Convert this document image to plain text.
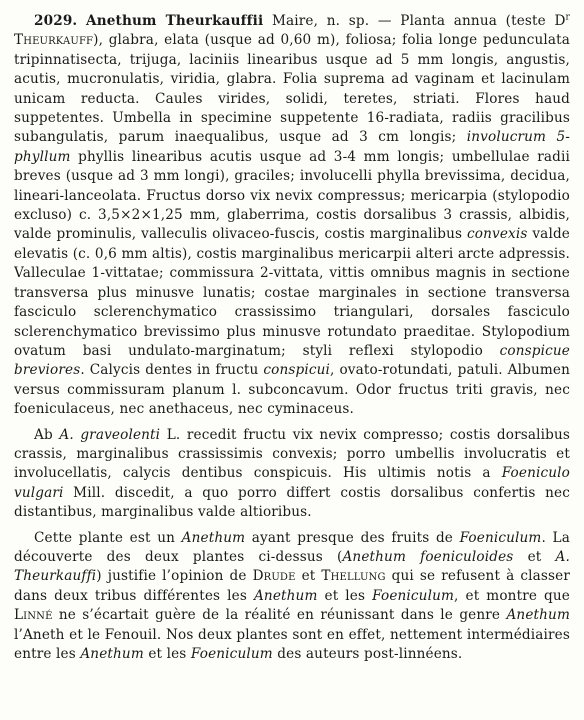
2029. Anethum Theurkauffii Maire, n. sp. — Planta annua (teste $D^r$ Theurkauff), glabra, elata (usque ad 0,60 m), foliosa; folia longe pedunculata tripinnatisecta, trijuga, laciniis linearibus usque ad 5 mm longis, angustis, acutis, mucronulatis, viridia, glabra. Folia suprema ad vaginam et lacinulam unicam reducta. Caules virides, solidi, teretes, striati. Flores haud suppetentes. Umbella in specimine suppetente 16-radiata, radiis gracilibus subangulatis, parum inaequalibus, usque ad 3 cm longis; involucrum 5-phyllum phyllis linearibus acutis usque ad 3-4 mm longis; umbellulae radii breves (usque ad 3 mm longi), graciles; involucelli phylla brevissima, decidua, lineari-lanceolata. Fructus dorso vix nevix compressus; mericarpia (stylopodio excluso) c. 3,5×2×1,25 mm, glaberrima, costis dorsalibus 3 crassis, albidis, valde prominulis, valleculis olivaceo-fuscis, costis marginalibus convexis valde elevatis (c. 0,6 mm altis), costis marginalibus mericarpii alteri arcte adpressis. Valleculae 1-vittatae; commissura 2-vittata, vittis omnibus magnis in sectione transversa plus minusve lunatis; costae marginales in sectione transversa fasciculo sclerenchymatico crassissimo triangulari, dorsales fasciculo sclerenchymatico brevissimo plus minusve rotundato praeditae. Stylopodium ovatum basi undulato-marginatum; styli reflexi stylopodio conspicue breviores. Calycis dentes in fructu conspicui, ovato-rotundati, patuli. Albumen versus commissuram planum l. subconcavum. Odor fructus triti gravis, nec foeniculaceus, nec anethaceus, nec cyminaceus.

Ab A. graveolenti L. recedit fructu vix nevix compresso; costis dorsalibus crassis, marginalibus crassissimis convexis; porro umbellis involucratis et involucellatis, calycis dentibus conspicuis. His ultimis notis a Foeniculo vulgari Mill. discedit, a quo porro differt costis dorsalibus confertis nec distantibus, marginalibus valde altioribus.

Cette plante est un Anethum ayant presque des fruits de Foeniculum. La découverte des deux plantes ci-dessus (Anethum foeniculoides et A. Theurkauffi) justifie l’opinion de Drude et Thellung qui se refusent à classer dans deux tribus différentes les Anethum et les Foeniculum, et montre que Linné ne s’écartait guère de la réalité en réunissant dans le genre Anethum l’Aneth et le Fenouil. Nos deux plantes sont en effet, nettement intermédiaires entre les Anethum et les Foeniculum des auteurs post-linnéens.
